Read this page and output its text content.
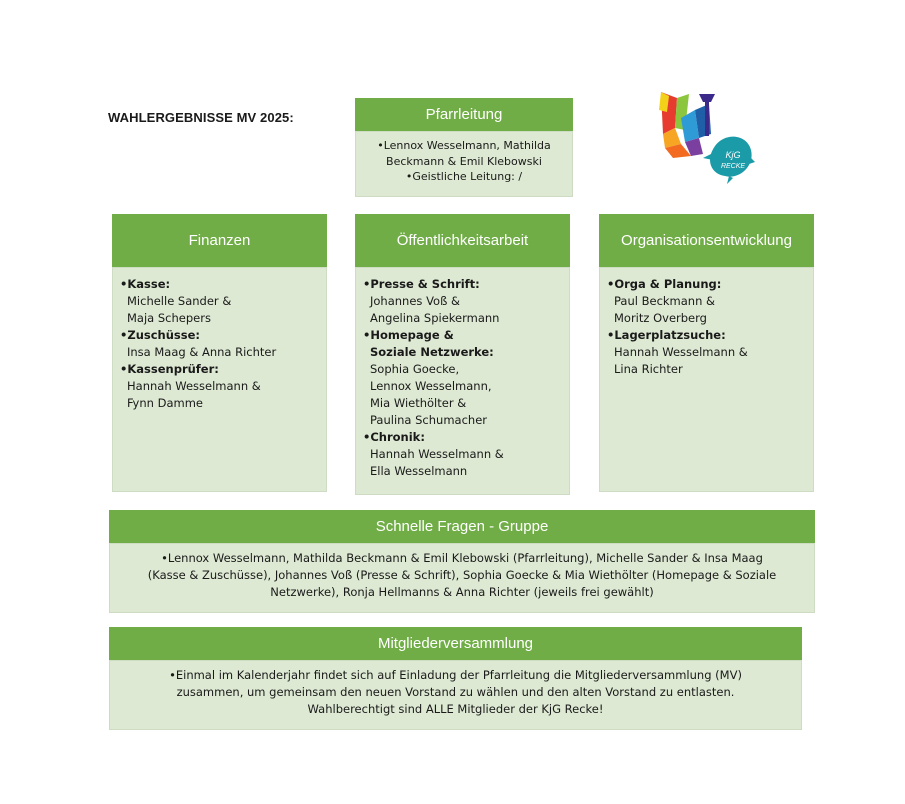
WAHLERGEBNISSE MV 2025:
KjG
RECKE
Pfarrleitung
•Lennox Wesselmann, Mathilda
Beckmann & Emil Klebowski
•Geistliche Leitung: /
Finanzen
• Kasse:
Michelle Sander &
Maja Schepers
• Zuschüsse:
Insa Maag & Anna Richter
• Kassenprüfer:
Hannah Wesselmann &
Fynn Damme
Öffentlichkeitsarbeit
• Presse & Schrift:
Johannes Voß &
Angelina Spiekermann
• Homepage &
Soziale Netzwerke:
Sophia Goecke,
Lennox Wesselmann,
Mia Wiethölter &
Paulina Schumacher
• Chronik:
Hannah Wesselmann &
Ella Wesselmann
Organisationsentwicklung
• Orga & Planung:
Paul Beckmann &
Moritz Overberg
• Lagerplatzsuche:
Hannah Wesselmann &
Lina Richter
Schnelle Fragen - Gruppe
•Lennox Wesselmann, Mathilda Beckmann & Emil Klebowski (Pfarrleitung), Michelle Sander & Insa Maag
(Kasse & Zuschüsse), Johannes Voß (Presse & Schrift), Sophia Goecke & Mia Wiethölter (Homepage & Soziale
Netzwerke), Ronja Hellmanns & Anna Richter (jeweils frei gewählt)
Mitgliederversammlung
•Einmal im Kalenderjahr findet sich auf Einladung der Pfarrleitung die Mitgliederversammlung (MV)
zusammen, um gemeinsam den neuen Vorstand zu wählen und den alten Vorstand zu entlasten.
Wahlberechtigt sind ALLE Mitglieder der KjG Recke!
